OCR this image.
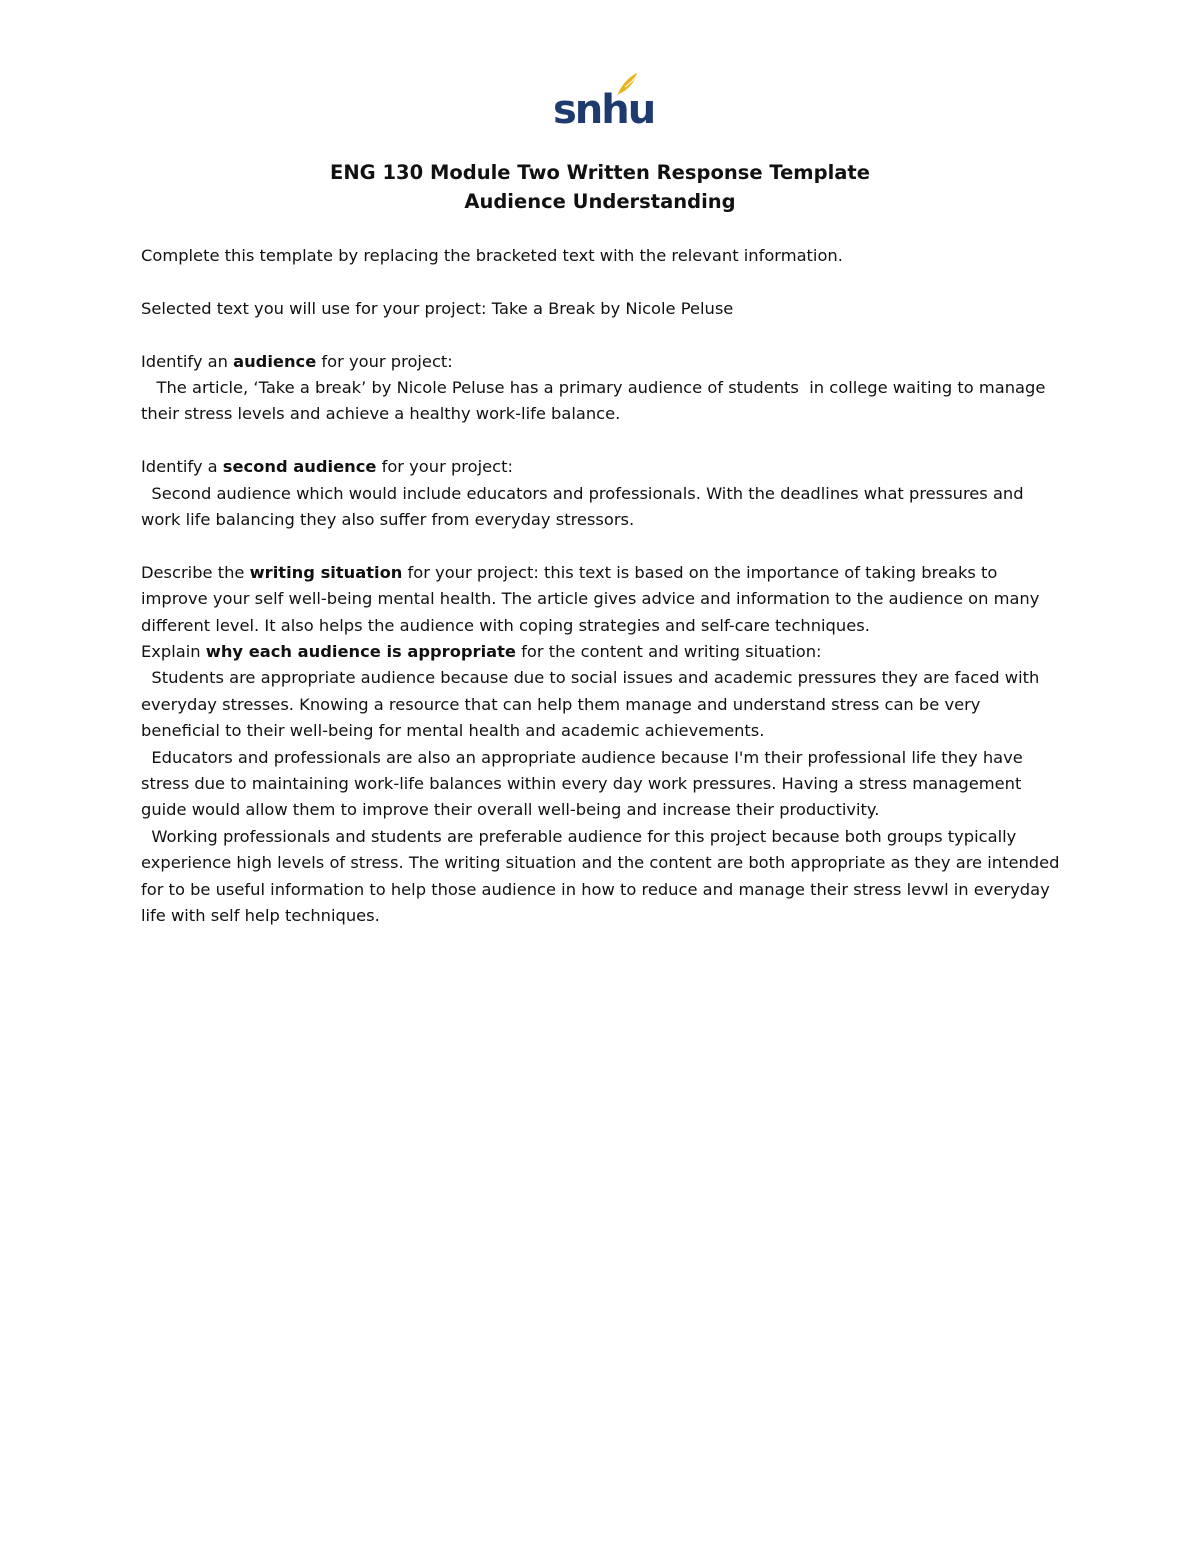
snhu
ENG 130 Module Two Written Response Template
Audience Understanding

Complete this template by replacing the bracketed text with the relevant information.

Selected text you will use for your project: Take a Break by Nicole Peluse

Identify an audience for your project:

The article, ‘Take a break’ by Nicole Peluse has a primary audience of students  in college waiting to manage their stress levels and achieve a healthy work-life balance.

Identify a second audience for your project:

Second audience which would include educators and professionals. With the deadlines what pressures and work life balancing they also suffer from everyday stressors.

Describe the writing situation for your project: this text is based on the importance of taking breaks to improve your self well-being mental health. The article gives advice and information to the audience on many different level. It also helps the audience with coping strategies and self-care techniques.

Explain why each audience is appropriate for the content and writing situation:

Students are appropriate audience because due to social issues and academic pressures they are faced with everyday stresses. Knowing a resource that can help them manage and understand stress can be very beneficial to their well-being for mental health and academic achievements.

Educators and professionals are also an appropriate audience because I'm their professional life they have stress due to maintaining work-life balances within every day work pressures. Having a stress management guide would allow them to improve their overall well-being and increase their productivity.

Working professionals and students are preferable audience for this project because both groups typically experience high levels of stress. The writing situation and the content are both appropriate as they are intended for to be useful information to help those audience in how to reduce and manage their stress levwl in everyday life with self help techniques.
